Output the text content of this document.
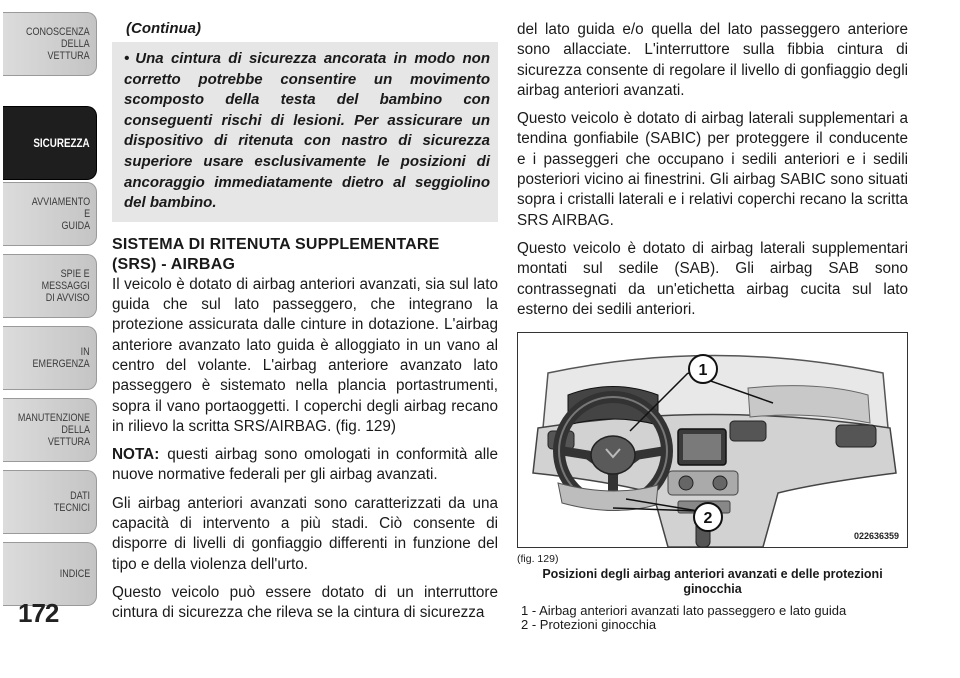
CONOSCENZA
DELLA
VETTURA
SICUREZZA
AVVIAMENTO
E
GUIDA
SPIE E
MESSAGGI
DI AVVISO
IN
EMERGENZA
MANUTENZIONE
DELLA
VETTURA
DATI
TECNICI
INDICE
172
(Continua)
• Una cintura di sicurezza ancorata in modo non corretto potrebbe consentire un movimento scomposto della testa del bambino con conseguenti rischi di lesioni. Per assicurare un dispositivo di ritenuta con nastro di sicurezza superiore usare esclusivamente le posizioni di ancoraggio immediatamente dietro al seggiolino del bambino.
SISTEMA DI RITENUTA SUPPLEMENTARE
(SRS) - AIRBAG

Il veicolo è dotato di airbag anteriori avanzati, sia sul lato guida che sul lato passeggero, che integrano la protezione assicurata dalle cinture in dotazione. L'airbag anteriore avanzato lato guida è alloggiato in un vano al centro del volante. L'airbag anteriore avanzato lato passeggero è sistemato nella plancia portastrumenti, sopra il vano portaoggetti. I coperchi degli airbag recano in rilievo la scritta SRS/AIRBAG. (fig. 129)

NOTA: questi airbag sono omologati in conformità alle nuove normative federali per gli airbag avanzati.

Gli airbag anteriori avanzati sono caratterizzati da una capacità di intervento a più stadi. Ciò consente di disporre di livelli di gonfiaggio differenti in funzione del tipo e della violenza dell'urto.

Questo veicolo può essere dotato di un interruttore cintura di sicurezza che rileva se la cintura di sicurezza

del lato guida e/o quella del lato passeggero anteriore sono allacciate. L'interruttore sulla fibbia cintura di sicurezza consente di regolare il livello di gonfiaggio degli airbag anteriori avanzati.

Questo veicolo è dotato di airbag laterali supplementari a tendina gonfiabile (SABIC) per proteggere il conducente e i passeggeri che occupano i sedili anteriori e i sedili posteriori vicino ai finestrini. Gli airbag SABIC sono situati sopra i cristalli laterali e i relativi coperchi recano la scritta SRS AIRBAG.

Questo veicolo è dotato di airbag laterali supplementari montati sul sedile (SAB). Gli airbag SAB sono contrassegnati da un'etichetta airbag cucita sul lato esterno dei sedili anteriori.

1
2
022636359
(fig. 129)
Posizioni degli airbag anteriori avanzati e delle protezioni ginocchia
1 - Airbag anteriori avanzati lato passeggero e lato guida
2 - Protezioni ginocchia
